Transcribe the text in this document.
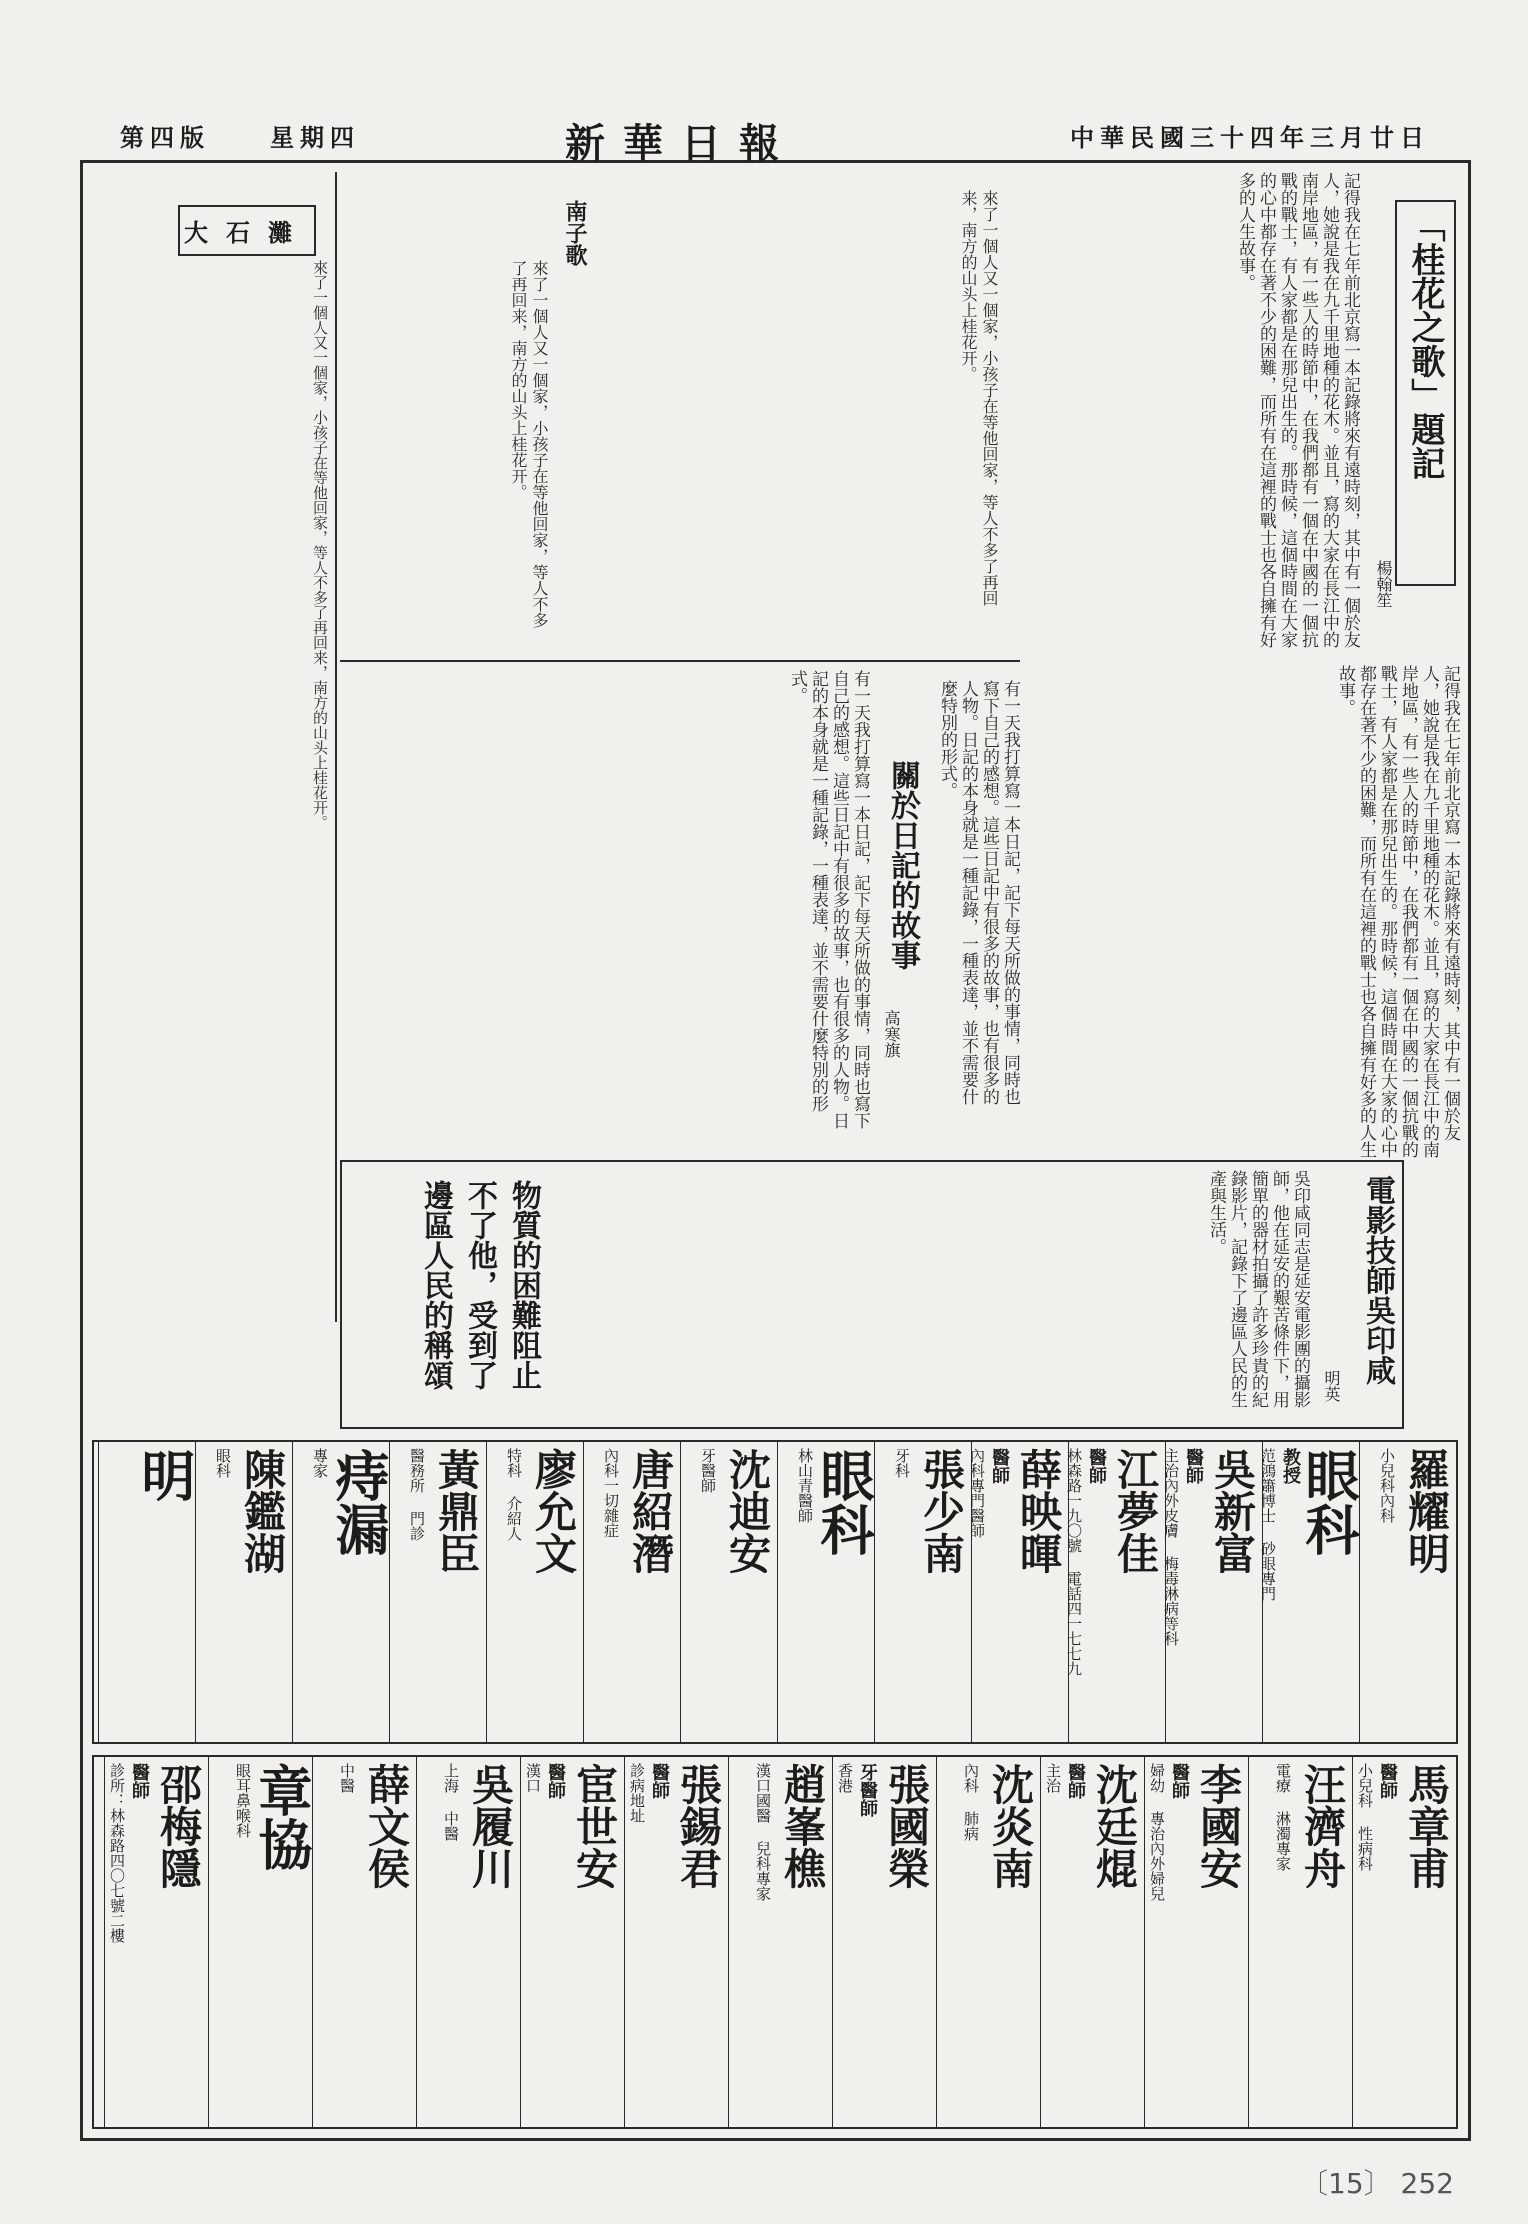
中華民國三十四年三月廿日
新華日報
星期四
第四版
「桂花之歌」題記
楊翰笙
記得我在七年前北京寫一本記錄將來有遠時刻，其中有一個於友人，她說是我在九千里地種的花木。並且，寫的大家在長江中的南岸地區，有一些人的時節中，在我們都有一個在中國的一個抗戰的戰士，有人家都是在那兒出生的。那時候，這個時間在大家的心中都存在著不少的困難，而所有在這裡的戰士也各自擁有好多的人生故事。
記得我在七年前北京寫一本記錄將來有遠時刻，其中有一個於友人，她說是我在九千里地種的花木。並且，寫的大家在長江中的南岸地區，有一些人的時節中，在我們都有一個在中國的一個抗戰的戰士，有人家都是在那兒出生的。那時候，這個時間在大家的心中都存在著不少的困難，而所有在這裡的戰士也各自擁有好多的人生故事。
南子歌
來了一個人又一個家，小孩子在等他回家，等人不多了再回来，南方的山头上桂花开。	來了一個人又一個家，小孩子在等他回家，等人不多了再回来，南方的山头上桂花开。
大石灘
來了一個人又一個家，小孩子在等他回家，等人不多了再回来，南方的山头上桂花开。
關於日記的故事
高寒旗
有一天我打算寫一本日記，記下每天所做的事情，同時也寫下自己的感想。這些日記中有很多的故事，也有很多的人物。日記的本身就是一種記錄，一種表達，並不需要什麼特別的形式。	有一天我打算寫一本日記，記下每天所做的事情，同時也寫下自己的感想。這些日記中有很多的故事，也有很多的人物。日記的本身就是一種記錄，一種表達，並不需要什麼特別的形式。
電影技師吳印咸
明英
吳印咸同志是延安電影團的攝影師，他在延安的艱苦條件下，用簡單的器材拍攝了許多珍貴的紀錄影片，記錄下了邊區人民的生產與生活。
物質的困難阻止不了他，受到了邊區人民的稱頌
羅耀明
小兒科內科
眼科
教授
范鴻簫博士 砂眼專門
吳新富
醫師
主治內外皮膚 梅毒淋病等科
江夢佳
醫師
林森路一九〇號 電話四一七七九
薛映暉
醫師
內科專門醫師
張少南
牙科
眼科
林山青醫師
沈迪安
牙醫師
唐紹潛
內科一切雜症
廖允文
特科 介紹人
黃鼎臣
醫務所 門診
痔漏
專家
陳鑑湖
眼科
明
馬章甫
醫師
小兒科 性病科
汪濟舟
電療 淋濁專家
李國安
醫師
婦幼 專治內外婦兒
沈廷焜
醫師
主治
沈炎南
內科 肺病
張國榮
牙醫師
香港
趙峯樵
漢口國醫 兒科專家
張錫君
醫師
診病地址
宦世安
醫師
漢口
吳履川
上海 中醫
薛文侯
中醫
章協
眼耳鼻喉科
邵梅隱
醫師
診所：林森路四〇七號二樓
〔15〕 252
